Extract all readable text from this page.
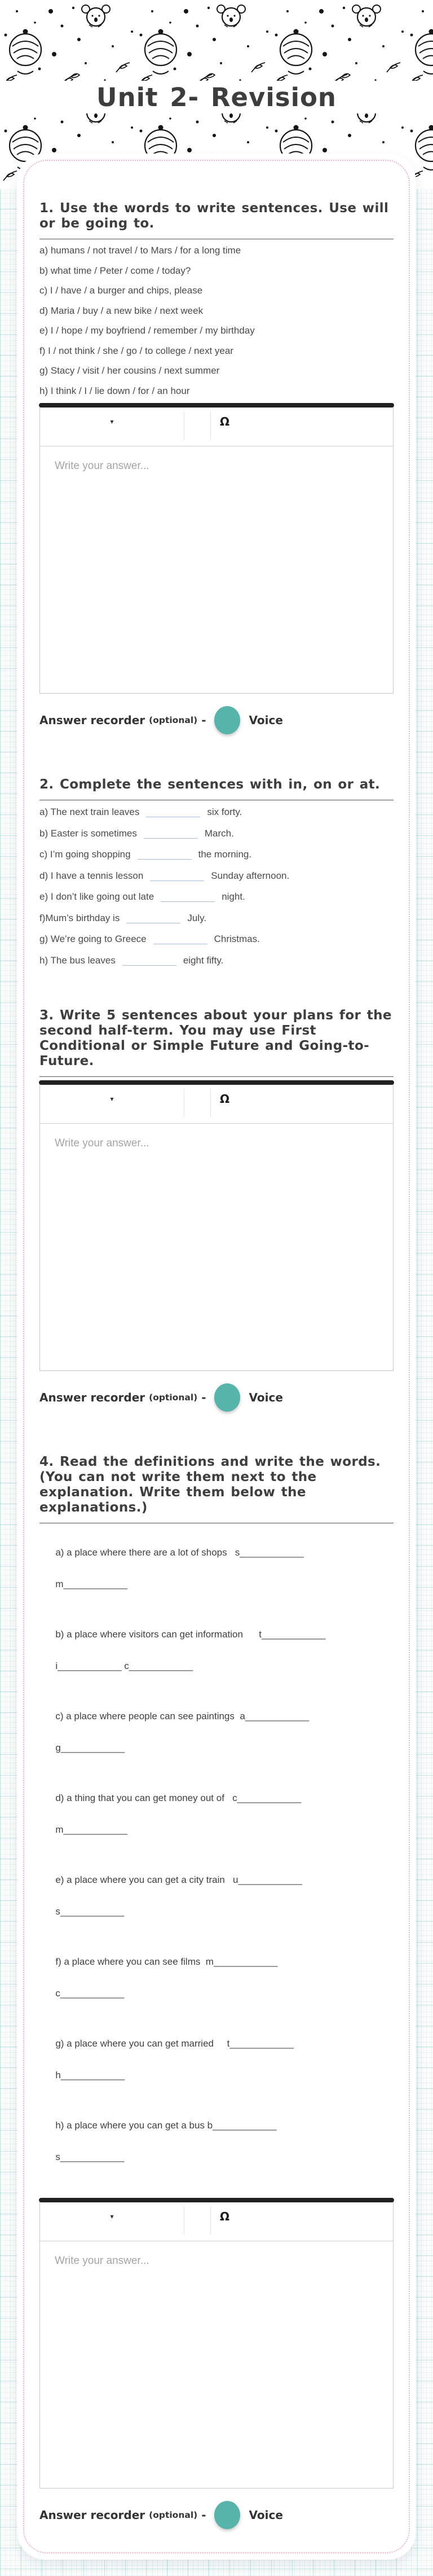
Unit 2- Revision
1. Use the words to write sentences. Use will or be going to.
a) humans / not travel / to Mars / for a long time
b) what time / Peter / come / today?
c) I / have / a burger and chips, please
d) Maria / buy / a new bike / next week
e) I / hope / my boyfriend / remember / my birthday
f) I / not think / she / go / to college / next year
g) Stacy / visit / her cousins / next summer
h) I think / I / lie down / for / an hour
▾	Ω
Write your answer...
Answer recorder (optional) -	Voice
2. Complete the sentences with in, on or at.
a) The next train leaves	six forty.
b) Easter is sometimes	March.
c) I’m going shopping	the morning.
d) I have a tennis lesson	Sunday afternoon.
e) I don’t like going out late	night.
f)Mum’s birthday is	July.
g) We’re going to Greece	Christmas.
h) The bus leaves	eight fifty.
3. Write 5 sentences about your plans for the second half-term. You may use First Conditional or Simple Future and Going-to-Future.
▾	Ω
Write your answer...
Answer recorder (optional) -	Voice
4. Read the definitions and write the words. (You can not write them next to the explanation. Write them below the explanations.)

a) a place where there are a lot of shops   s____________

m____________

b) a place where visitors can get information      t____________

i____________ c____________

c) a place where people can see paintings  a____________

g____________

d) a thing that you can get money out of   c____________

m____________

e) a place where you can get a city train   u____________

s____________

f) a place where you can see films  m____________

c____________

g) a place where you can get married     t____________

h____________

h) a place where you can get a bus b____________

s____________

▾	Ω
Write your answer...
Answer recorder (optional) -	Voice
